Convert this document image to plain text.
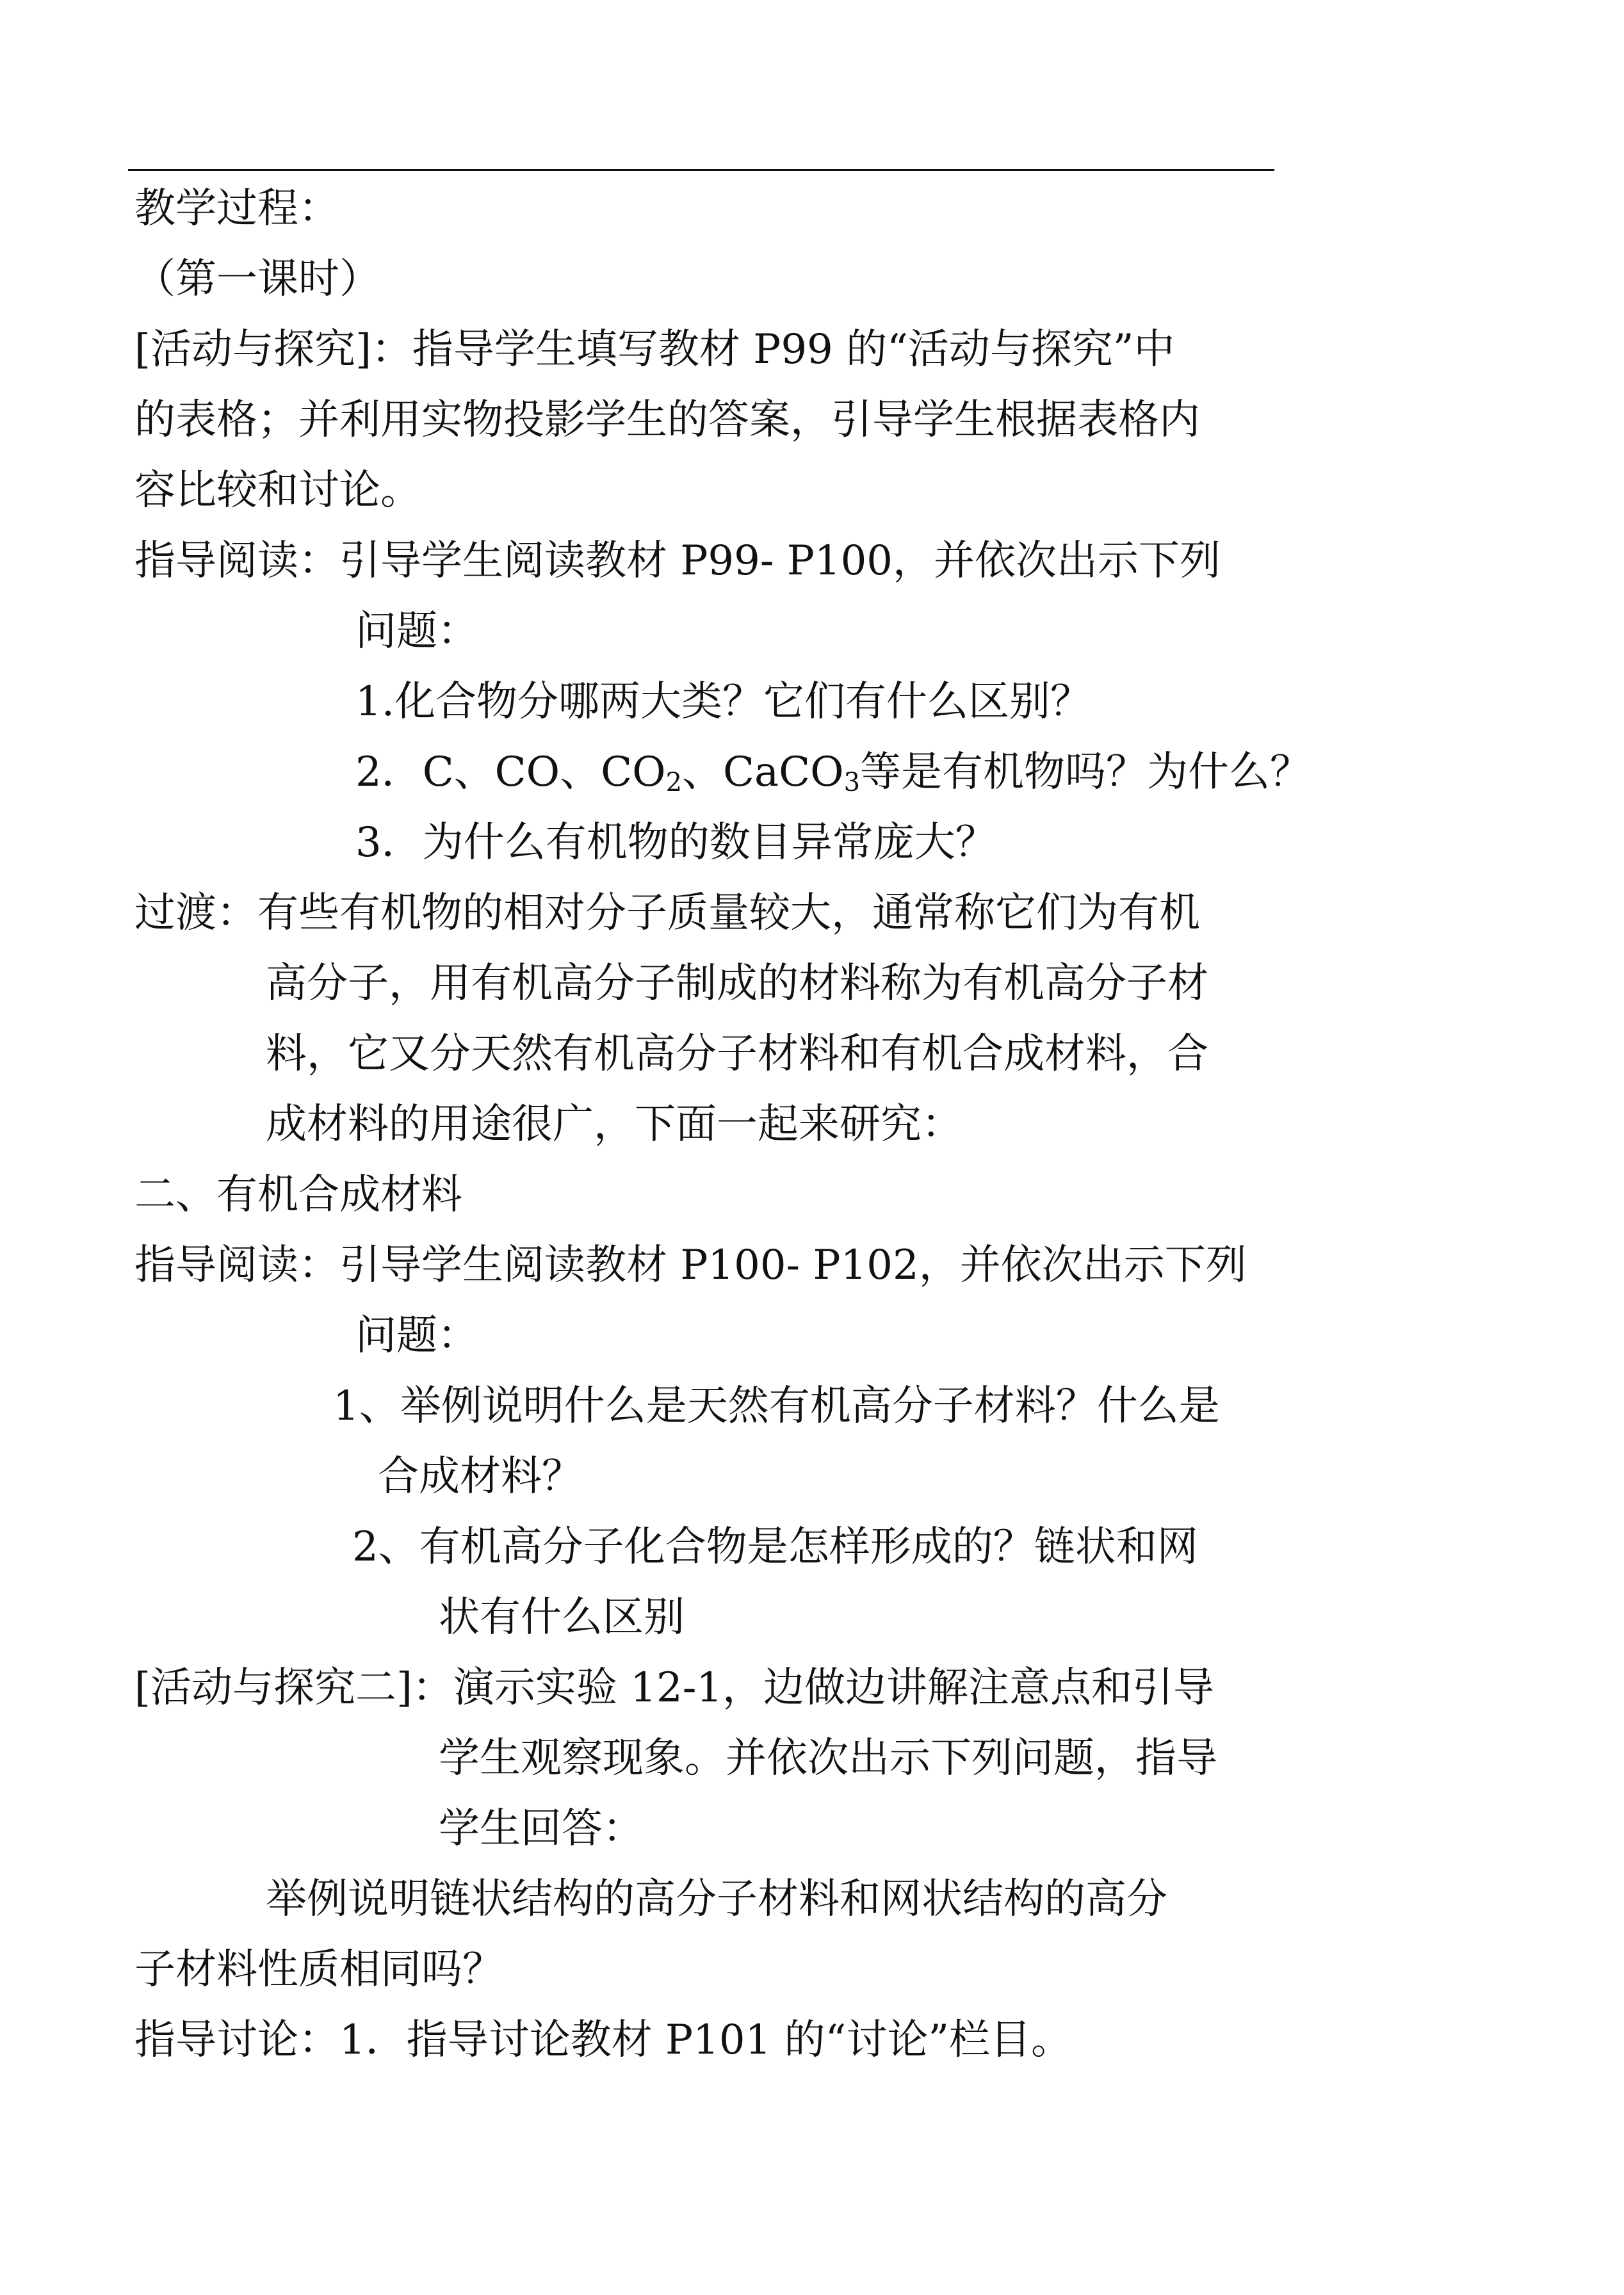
教学过程：
（第一课时）
[活动与探究]：指导学生填写教材 P99 的“活动与探究”中
的表格；并利用实物投影学生的答案，引导学生根据表格内
容比较和讨论。
指导阅读：引导学生阅读教材 P99- P100，并依次出示下列
问题：
1.化合物分哪两大类？它们有什么区别？
2．C、CO、$CO_2$、CaCO$_3$等是有机物吗？为什么？
3．为什么有机物的数目异常庞大？
过渡：有些有机物的相对分子质量较大，通常称它们为有机
高分子，用有机高分子制成的材料称为有机高分子材
料，它又分天然有机高分子材料和有机合成材料，合
成材料的用途很广，下面一起来研究：
二、有机合成材料
指导阅读：引导学生阅读教材 P100- P102，并依次出示下列
问题：
1、举例说明什么是天然有机高分子材料？什么是
合成材料？
2、有机高分子化合物是怎样形成的？链状和网
状有什么区别
[活动与探究二]：演示实验 12-1，边做边讲解注意点和引导
学生观察现象。并依次出示下列问题，指导
学生回答：
举例说明链状结构的高分子材料和网状结构的高分
子材料性质相同吗？
指导讨论：1．指导讨论教材 P101 的“讨论”栏目。
